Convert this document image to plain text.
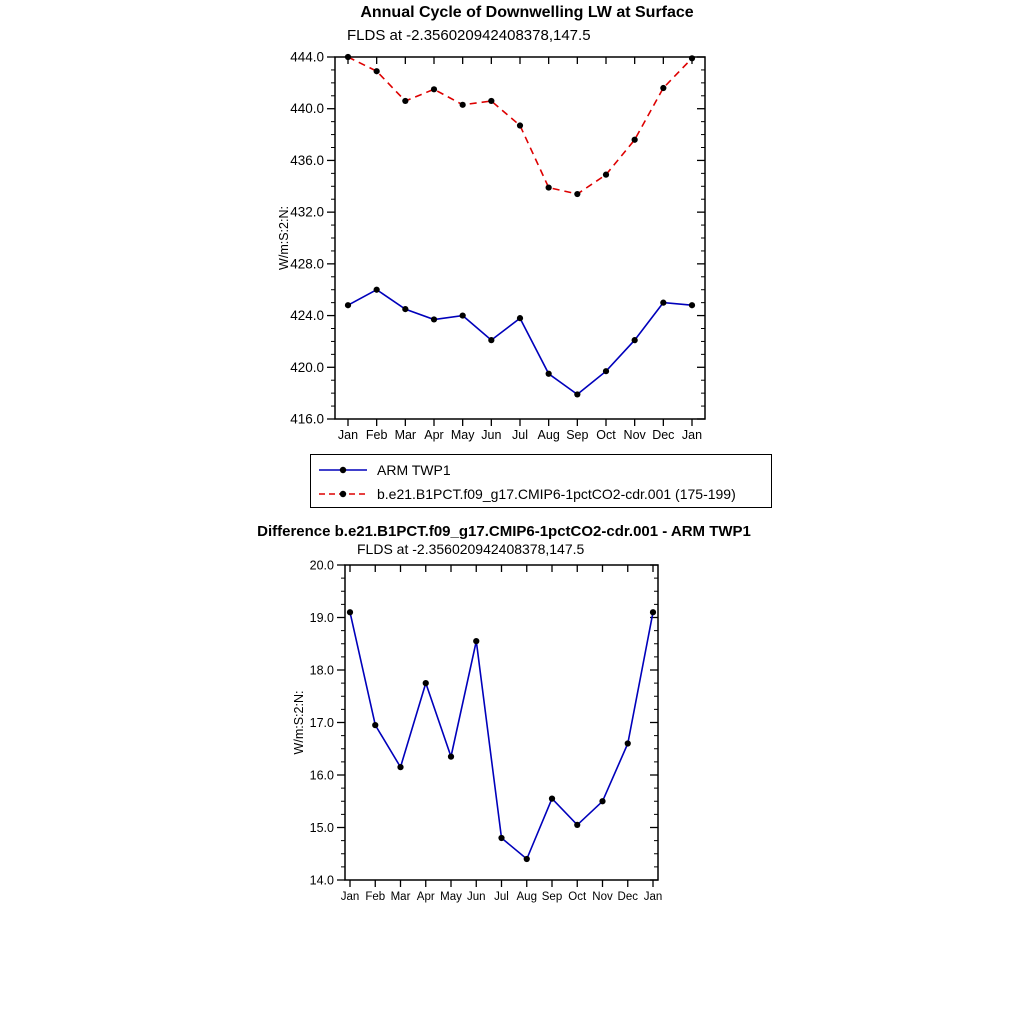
416.0
420.0
424.0
428.0
432.0
436.0
440.0
444.0
Jan Feb Mar Apr May Jun Jul Aug Sep Oct Nov Dec Jan
W/m:S:2:N:
14.0
15.0
16.0
17.0
18.0
19.0
20.0
Jan Feb Mar Apr May Jun Jul Aug Sep Oct Nov Dec Jan
W/m:S:2:N:
Annual Cycle of Downwelling LW at Surface
FLDS at -2.356020942408378,147.5
ARM TWP1
b.e21.B1PCT.f09_g17.CMIP6-1pctCO2-cdr.001 (175-199)
Difference b.e21.B1PCT.f09_g17.CMIP6-1pctCO2-cdr.001 - ARM TWP1
FLDS at -2.356020942408378,147.5
